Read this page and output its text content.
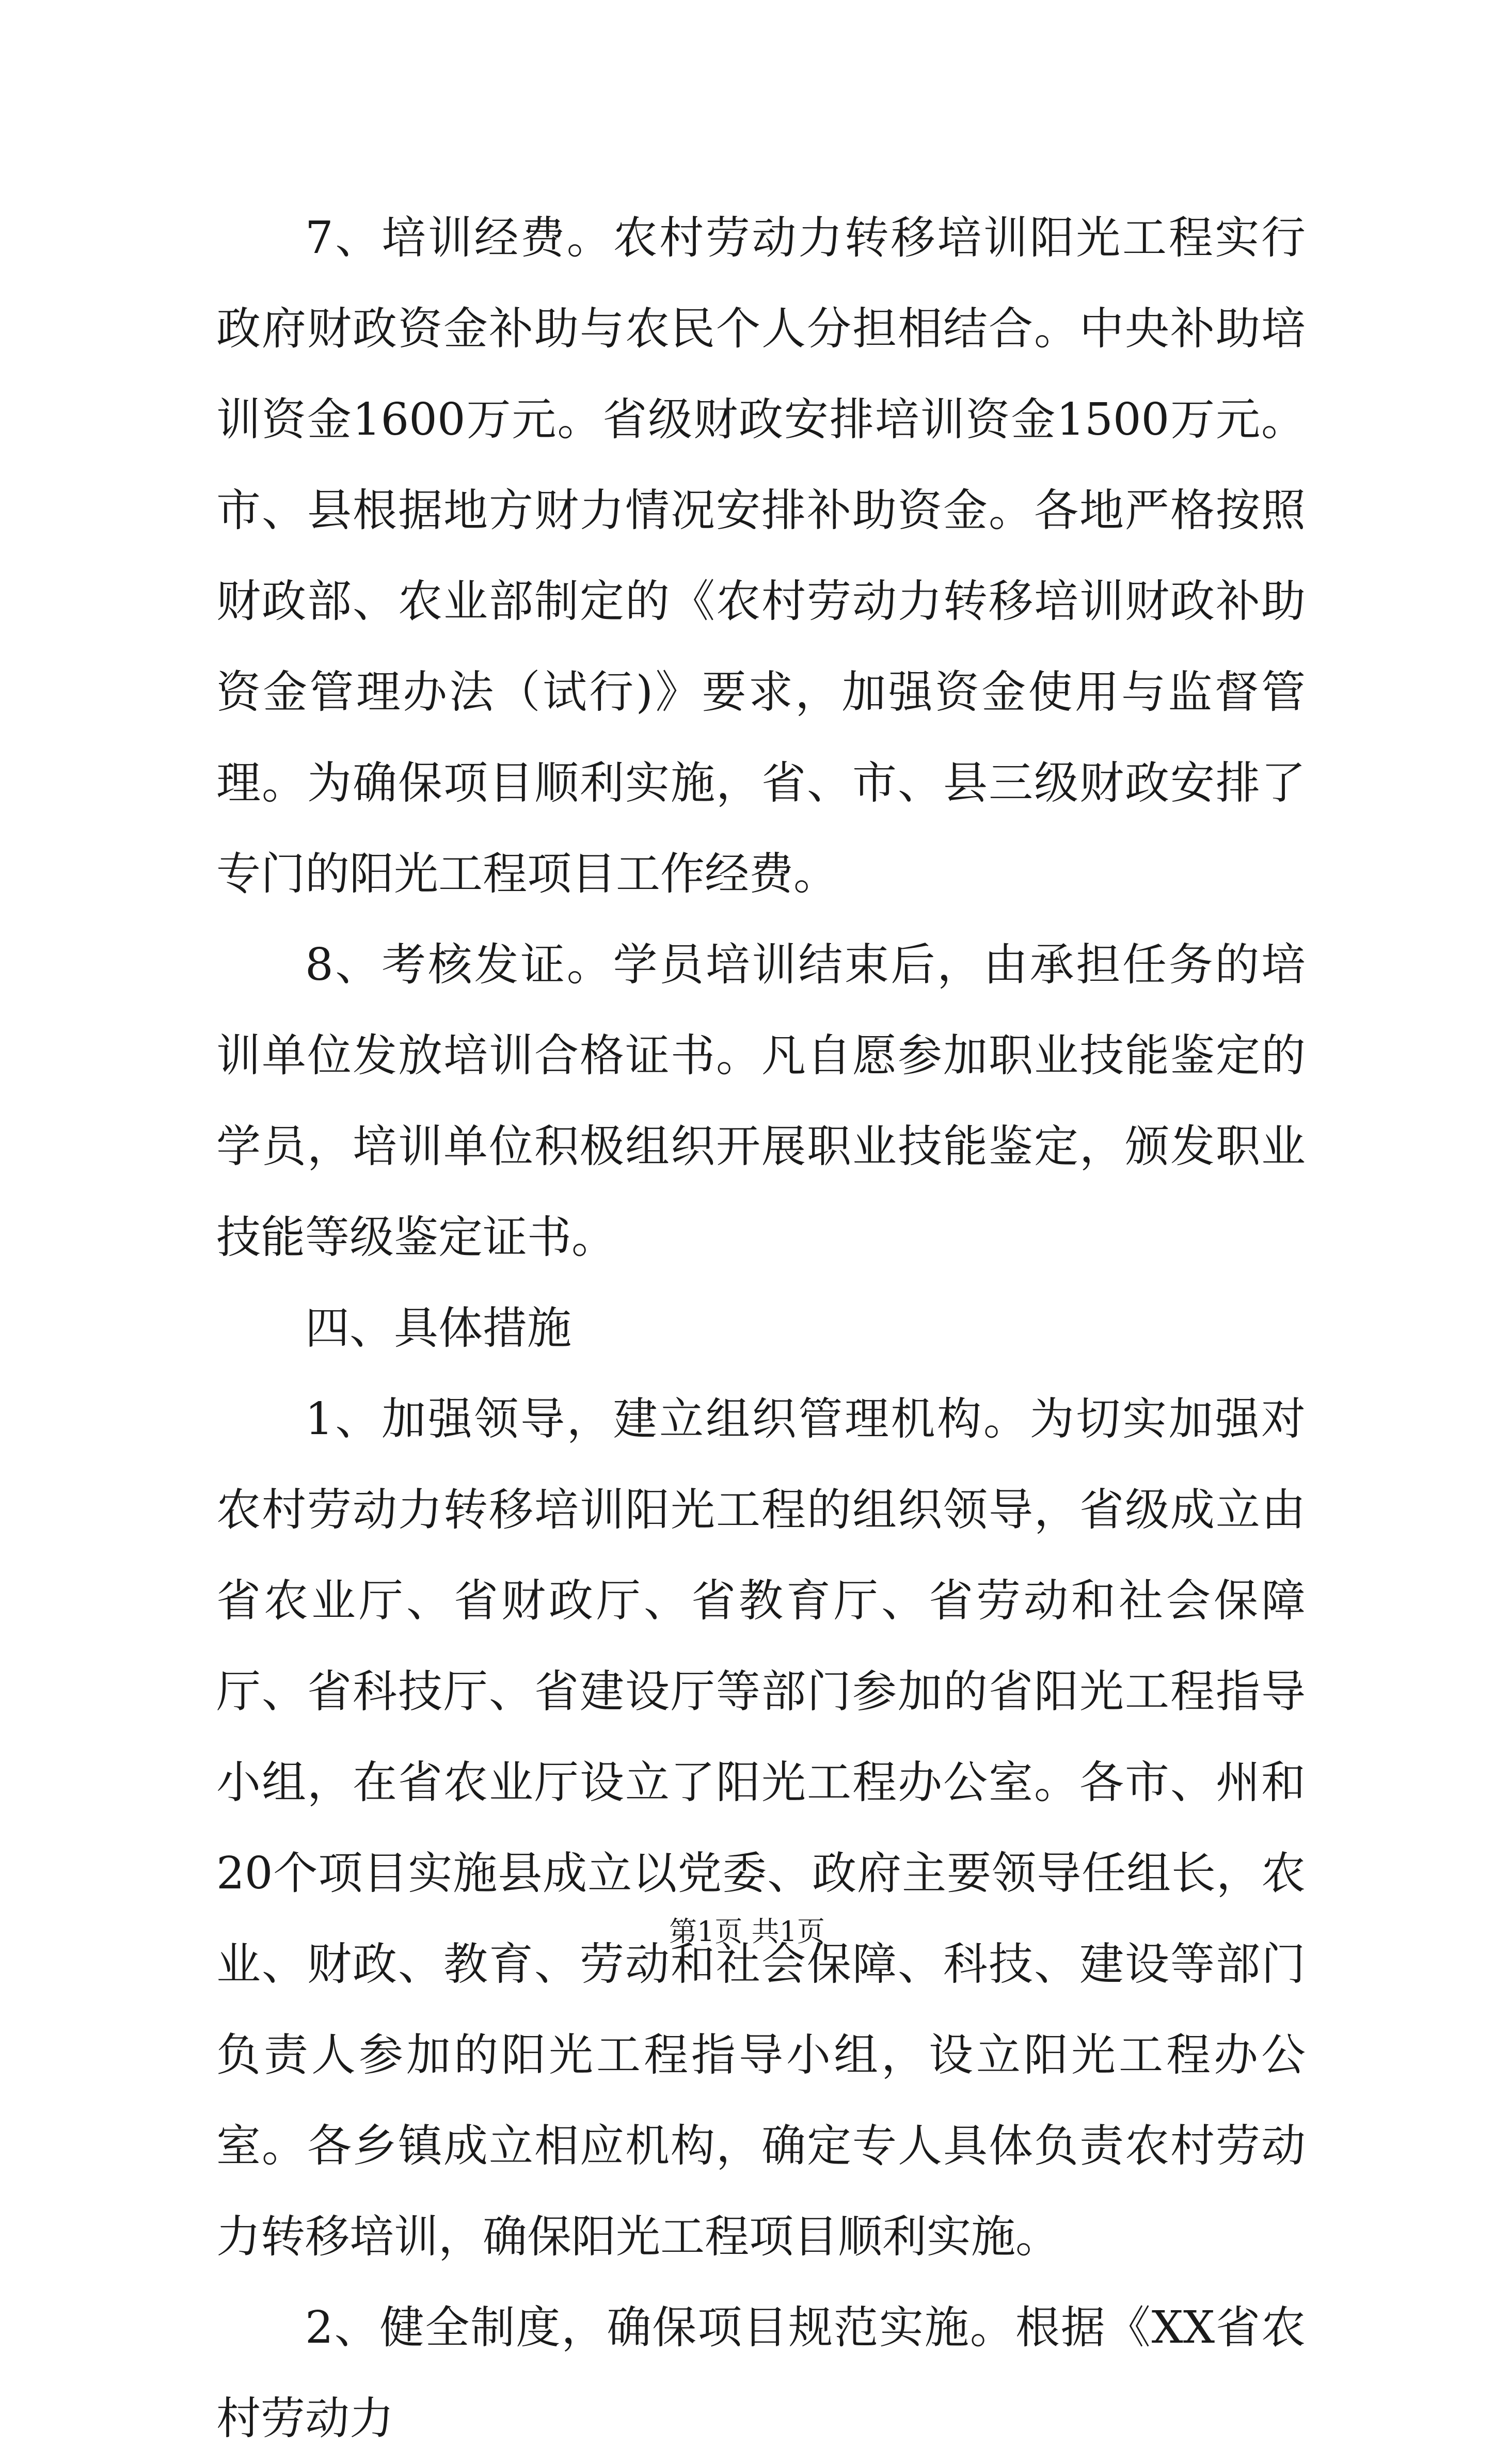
7、培训经费。农村劳动力转移培训阳光工程实行政府财政资金补助与农民个人分担相结合。中央补助培训资金1600万元。省级财政安排培训资金1500万元。市、县根据地方财力情况安排补助资金。各地严格按照财政部、农业部制定的《农村劳动力转移培训财政补助资金管理办法（试行)》要求，加强资金使用与监督管理。为确保项目顺利实施，省、市、县三级财政安排了专门的阳光工程项目工作经费。

8、考核发证。学员培训结束后，由承担任务的培训单位发放培训合格证书。凡自愿参加职业技能鉴定的学员，培训单位积极组织开展职业技能鉴定，颁发职业技能等级鉴定证书。

四、具体措施

1、加强领导，建立组织管理机构。为切实加强对农村劳动力转移培训阳光工程的组织领导，省级成立由省农业厅、省财政厅、省教育厅、省劳动和社会保障厅、省科技厅、省建设厅等部门参加的省阳光工程指导小组，在省农业厅设立了阳光工程办公室。各市、州和20个项目实施县成立以党委、政府主要领导任组长，农业、财政、教育、劳动和社会保障、科技、建设等部门负责人参加的阳光工程指导小组，设立阳光工程办公室。各乡镇成立相应机构，确定专人具体负责农村劳动力转移培训，确保阳光工程项目顺利实施。

2、健全制度，确保项目规范实施。根据《XX省农村劳动力

第1页 共1页
